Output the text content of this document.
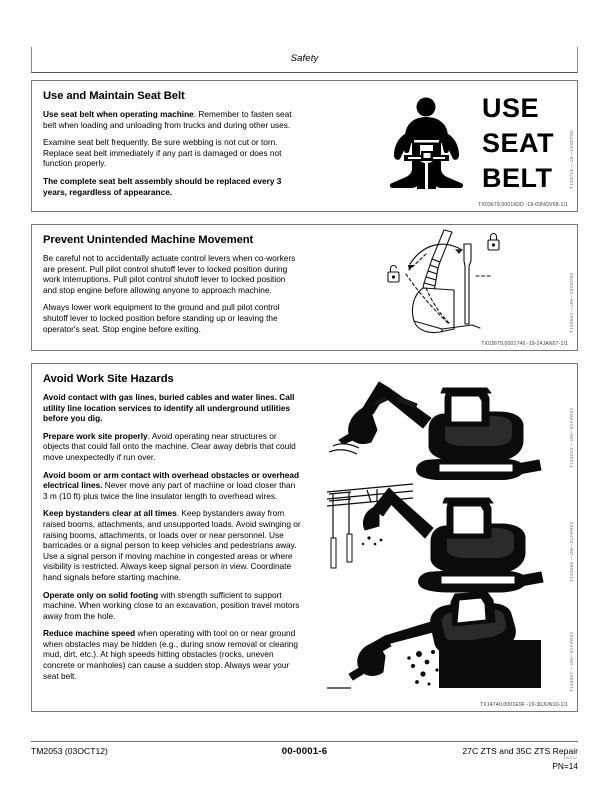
Safety
Use and Maintain Seat Belt

Use seat belt when operating machine. Remember to fasten seat belt when loading and unloading from trucks and during other uses.

Examine seat belt frequently. Be sure webbing is not cut or torn. Replace seat belt immediately if any part is damaged or does not function properly.

The complete seat belt assembly should be replaced every 3 years, regardless of appearance.

USE
SEAT
BELT	T133716 —19—14SEP00
TX03679,00016DD -19-03NOV08-1/1
Prevent Unintended Machine Movement

Be careful not to accidentally actuate control levers when co-workers are present. Pull pilot control shutoff lever to locked position during work interruptions. Pull pilot control shutoff lever to locked position and stop engine before allowing anyone to approach machine.

Always lower work equipment to the ground and pull pilot control shutoff lever to locked position before standing up or leaving the operator's seat. Stop engine before exiting.	T133563 —UN—20SEP00
TX03679,0001746 -19-24JAN07-1/1
Avoid Work Site Hazards

Avoid contact with gas lines, buried cables and water lines. Call utility line location services to identify all underground utilities before you dig.

Prepare work site properly. Avoid operating near structures or objects that could fall onto the machine. Clear away debris that could move unexpectedly if run over.

Avoid boom or arm contact with overhead obstacles or overhead electrical lines. Never move any part of machine or load closer than 3 m (10 ft) plus twice the line insulator length to overhead wires.

Keep bystanders clear at all times. Keep bystanders away from raised booms, attachments, and unsupported loads. Avoid swinging or raising booms, attachments, or loads over or near personnel. Use barricades or a signal person to keep vehicles and pedestrians away. Use a signal person if moving machine in congested areas or where visibility is restricted. Always keep signal person in view. Coordinate hand signals before starting machine.

Operate only on solid footing with strength sufficient to support machine. When working close to an excavation, position travel motors away from the hole.

Reduce machine speed when operating with tool on or near ground when obstacles may be hidden (e.g., during snow removal or clearing mud, dirt, etc.). At high speeds hitting obstacles (rocks, uneven concrete or manholes) can cause a sudden stop. Always wear your seat belt.

T133204 —UN—01APR02
T133066 —UN—01APR02
T133067 —UN—01APR02
TX14740,0001E9F -19-30JUN10-1/1
TM2053 (03OCT12)	00-0001-6	27C ZTS and 35C ZTS Repair
100312
PN=14
